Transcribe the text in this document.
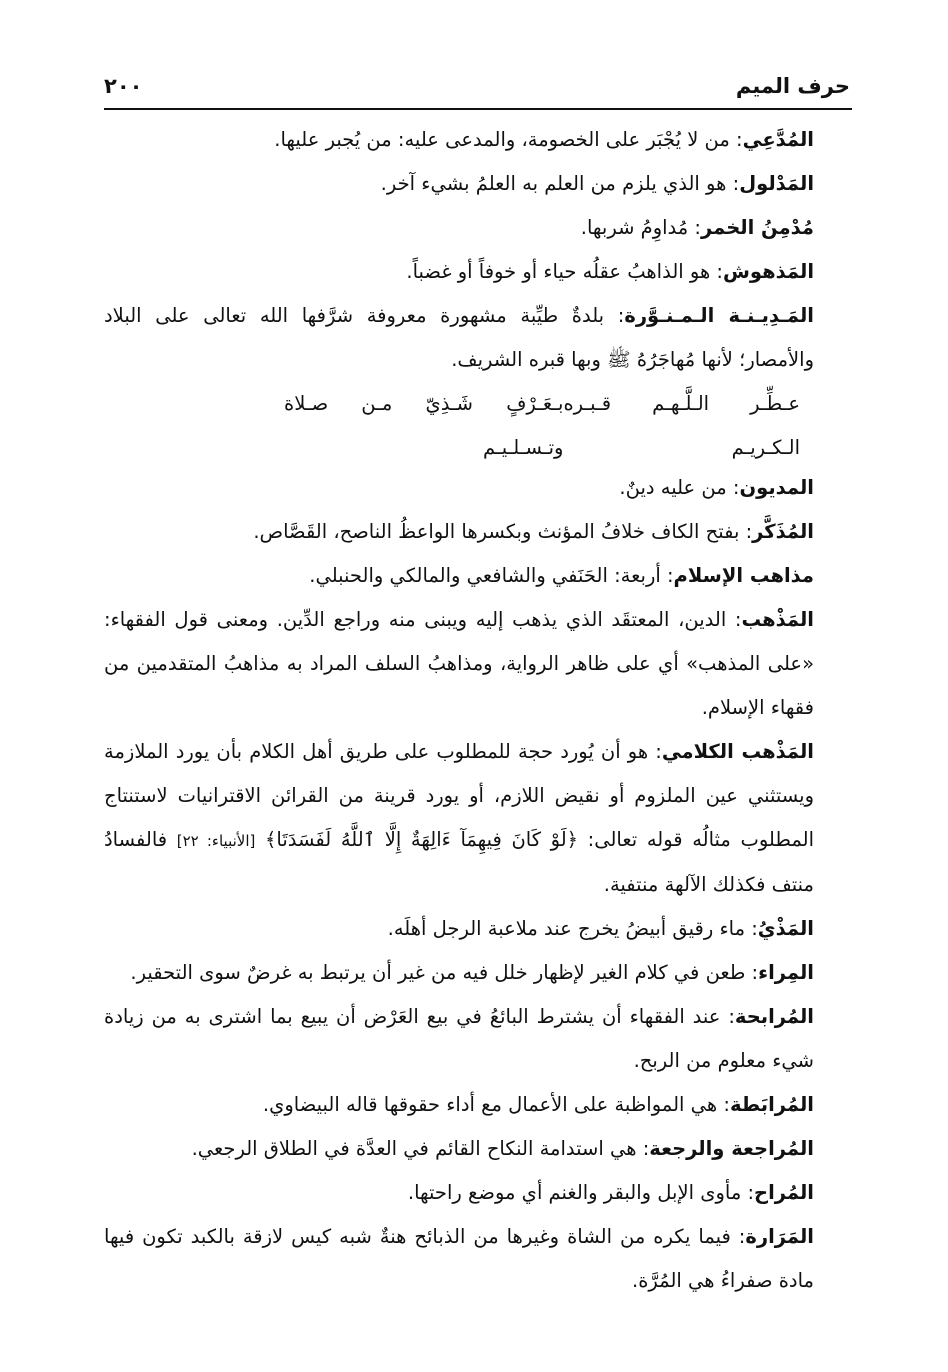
حرف الميم
٢٠٠

المُدَّعِي: من لا يُجْبَر على الخصومة، والمدعى عليه: من يُجبر عليها.

المَدْلول: هو الذي يلزم من العلم به العلمُ بشيء آخر.

مُدْمِنُ الخمر: مُداوِمُ شربها.

المَذهوش: هو الذاهبُ عقلُه حياء أو خوفاً أو غضباً.

المَـدِيـنـة الـمـنـوَّرة: بلدةٌ طيِّبة مشهورة معروفة شرَّفها الله تعالى على البلاد والأمصار؛ لأنها مُهاجَرُهُ ﷺ وبها قبره الشريف.

عـطِّـر الـلَّـهـم قـبـره الـكـريـم
بـعَـرْفٍ شَـذِيّ مـن صـلاة وتـسـلـيـم

المديون: من عليه دينٌ.

المُذَكَّر: بفتح الكاف خلافُ المؤنث وبكسرها الواعظُ الناصح، القَصَّاص.

مذاهب الإسلام: أربعة: الحَنَفي والشافعي والمالكي والحنبلي.

المَذْهب: الدين، المعتقَد الذي يذهب إليه ويبنى منه وراجع الدِّين. ومعنى قول الفقهاء: «على المذهب» أي على ظاهر الرواية، ومذاهبُ السلف المراد به مذاهبُ المتقدمين من فقهاء الإسلام.

المَذْهب الكلامي: هو أن يُورد حجة للمطلوب على طريق أهل الكلام بأن يورد الملازمة ويستثني عين الملزوم أو نقيض اللازم، أو يورد قرينة من القرائن الاقترانيات لاستنتاج المطلوب مثالُه قوله تعالى: ﴿لَوْ كَانَ فِيهِمَآ ءَالِهَةٌ إِلَّا ٱللَّهُ لَفَسَدَتَا﴾ [الأنبياء: ٢٢] فالفسادُ منتف فكذلك الآلهة منتفية.

المَذْيُ: ماء رقيق أبيضُ يخرج عند ملاعبة الرجل أهلَه.

المِراء: طعن في كلام الغير لإظهار خلل فيه من غير أن يرتبط به غرضٌ سوى التحقير.

المُرابحة: عند الفقهاء أن يشترط البائعُ في بيع العَرْض أن يبيع بما اشترى به من زيادة شيء معلوم من الربح.

المُرابَطة: هي المواظبة على الأعمال مع أداء حقوقها قاله البيضاوي.

المُراجعة والرجعة: هي استدامة النكاح القائم في العدَّة في الطلاق الرجعي.

المُراح: مأوى الإبل والبقر والغنم أي موضع راحتها.

المَرَارة: فيما يكره من الشاة وغيرها من الذبائح هنةٌ شبه كيس لازقة بالكبد تكون فيها مادة صفراءُ هي المُرَّة.
